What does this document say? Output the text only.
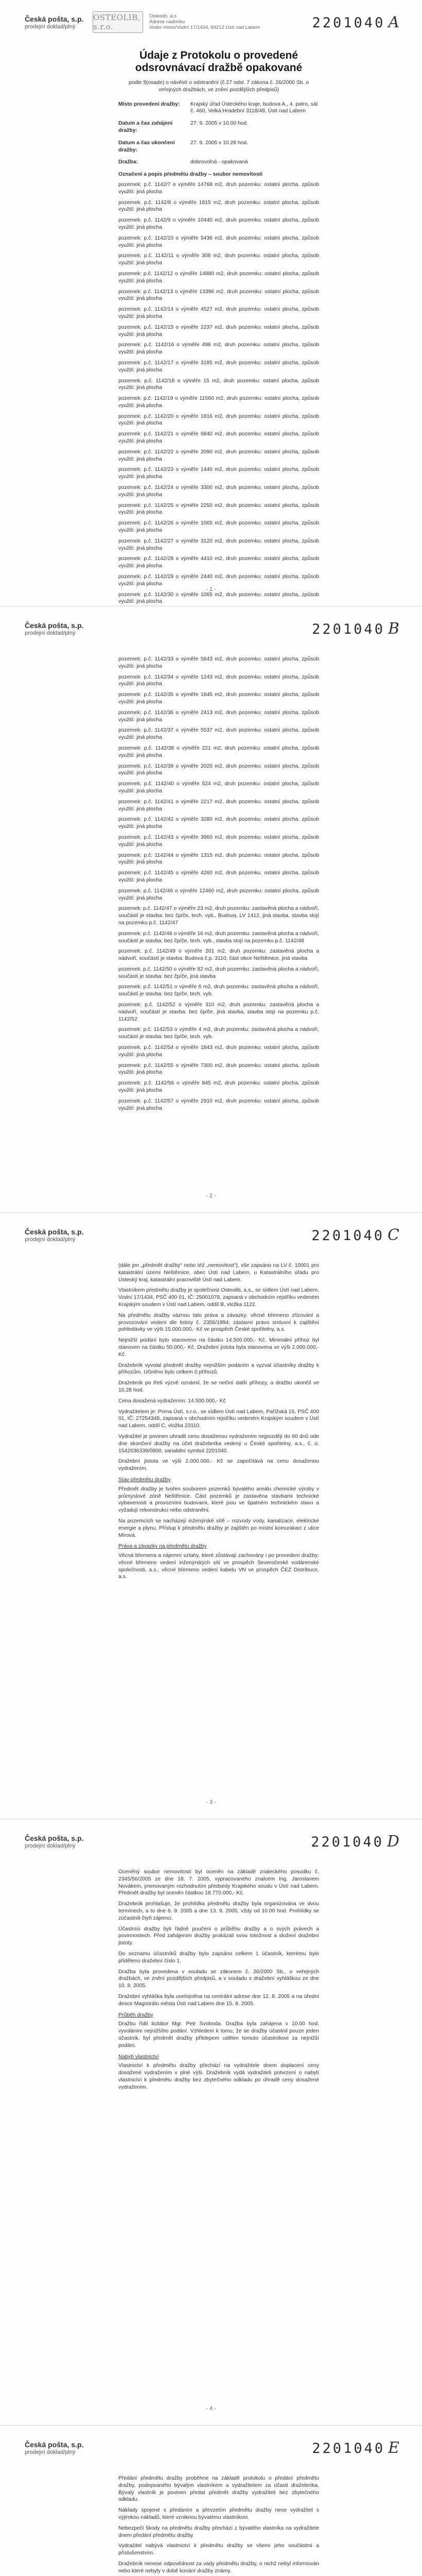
Česká pošta, s.p.
prodejní doklad/plný
OSTEOLIB, s.r.o.
Osteolib, a.s.
Adrese nadmíku
Vodní mimo/Vodní 17/1434, 69212 Ústí nad Labem	2201040 A
Údaje z Protokolu o provedené
odsrovnávací dražbě opakované
podle §(osade) o návěstí o odstranění (č.27 odst. 7 zákona č. 26/2000 Sb. o veřejných dražbách, ve znění pozdějších předpisů)
Místo provedení dražby:	Krajský úřad Ústeckého kraje, budova A., 4. patro, sál č. 460, Velká Hradební 3118/48, Ústí nad Labem
Datum a čas zahájení dražby:
27. 9. 2005 v 10.00 hod.
Datum a čas ukončení dražby:
27. 9. 2005 v 10.28 hod.
Dražba:	dobrovolná - opakovaná
Označení a popis předmětu dražby – soubor nemovitostí

pozemek: p.č. 1142/7 o výměře 14768 m2, druh pozemku: ostatní plocha, způsob využití: jiná plocha

pozemek: p.č. 1142/8 o výměře 1815 m2, druh pozemku: ostatní plocha, způsob využití: jiná plocha

pozemek: p.č. 1142/9 o výměře 10440 m2, druh pozemku: ostatní plocha, způsob využití: jiná plocha

pozemek: p.č. 1142/10 o výměře 5436 m2, druh pozemku: ostatní plocha, způsob využití: jiná plocha

pozemek: p.č. 1142/11 o výměře 308 m2, druh pozemku: ostatní plocha, způsob využití: jiná plocha

pozemek: p.č. 1142/12 o výměře 14880 m2, druh pozemku: ostatní plocha, způsob využití: jiná plocha

pozemek: p.č. 1142/13 o výměře 13396 m2, druh pozemku: ostatní plocha, způsob využití: jiná plocha

pozemek: p.č. 1142/14 o výměře 4527 m2, druh pozemku: ostatní plocha, způsob využití: jiná plocha

pozemek: p.č. 1142/15 o výměře 2237 m2, druh pozemku: ostatní plocha, způsob využití: jiná plocha

pozemek: p.č. 1142/16 o výměře 498 m2, druh pozemku: ostatní plocha, způsob využití: jiná plocha

pozemek: p.č. 1142/17 o výměře 3185 m2, druh pozemku: ostatní plocha, způsob využití: jiná plocha

pozemek: p.č. 1142/18 o výměře 15 m2, druh pozemku: ostatní plocha, způsob využití: jiná plocha

pozemek: p.č. 1142/19 o výměře 11560 m2, druh pozemku: ostatní plocha, způsob využití: jiná plocha

pozemek: p.č. 1142/20 o výměře 1816 m2, druh pozemku: ostatní plocha, způsob využití: jiná plocha

pozemek: p.č. 1142/21 o výměře 6840 m2, druh pozemku: ostatní plocha, způsob využití: jiná plocha

pozemek: p.č. 1142/22 o výměře 2090 m2, druh pozemku: ostatní plocha, způsob využití: jiná plocha

pozemek: p.č. 1142/23 o výměře 1440 m2, druh pozemku: ostatní plocha, způsob využití: jiná plocha

pozemek: p.č. 1142/24 o výměře 3300 m2, druh pozemku: ostatní plocha, způsob využití: jiná plocha

pozemek: p.č. 1142/25 o výměře 2250 m2, druh pozemku: ostatní plocha, způsob využití: jiná plocha

pozemek: p.č. 1142/26 o výměře 1065 m2, druh pozemku: ostatní plocha, způsob využití: jiná plocha

pozemek: p.č. 1142/27 o výměře 3120 m2, druh pozemku: ostatní plocha, způsob využití: jiná plocha

pozemek: p.č. 1142/28 o výměře 4410 m2, druh pozemku: ostatní plocha, způsob využití: jiná plocha

pozemek: p.č. 1142/29 o výměře 2440 m2, druh pozemku: ostatní plocha, způsob využití: jiná plocha

pozemek: p.č. 1142/30 o výměře 1065 m2, druh pozemku: ostatní plocha, způsob využití: jiná plocha

- 1 -
Česká pošta, s.p.
prodejní doklad/plný	2201040 B

pozemek: p.č. 1142/33 o výměře 5843 m2, druh pozemku: ostatní plocha, způsob využití: jiná plocha

pozemek: p.č. 1142/34 o výměře 1243 m2, druh pozemku: ostatní plocha, způsob využití: jiná plocha

pozemek: p.č. 1142/35 o výměře 1845 m2, druh pozemku: ostatní plocha, způsob využití: jiná plocha

pozemek: p.č. 1142/36 o výměře 2413 m2, druh pozemku: ostatní plocha, způsob využití: jiná plocha

pozemek: p.č. 1142/37 o výměře 5537 m2, druh pozemku: ostatní plocha, způsob využití: jiná plocha

pozemek: p.č. 1142/38 o výměře 221 m2, druh pozemku: ostatní plocha, způsob využití: jiná plocha

pozemek: p.č. 1142/39 o výměře 2020 m2, druh pozemku: ostatní plocha, způsob využití: jiná plocha

pozemek: p.č. 1142/40 o výměře 524 m2, druh pozemku: ostatní plocha, způsob využití: jiná plocha

pozemek: p.č. 1142/41 o výměře 2217 m2, druh pozemku: ostatní plocha, způsob využití: jiná plocha

pozemek: p.č. 1142/42 o výměře 3280 m2, druh pozemku: ostatní plocha, způsob využití: jiná plocha

pozemek: p.č. 1142/43 o výměře 3960 m2, druh pozemku: ostatní plocha, způsob využití: jiná plocha

pozemek: p.č. 1142/44 o výměře 1315 m2, druh pozemku: ostatní plocha, způsob využití: jiná plocha

pozemek: p.č. 1142/45 o výměře 4260 m2, druh pozemku: ostatní plocha, způsob využití: jiná plocha

pozemek: p.č. 1142/46 o výměře 12460 m2, druh pozemku: ostatní plocha, způsob využití: jiná plocha

pozemek: p.č. 1142/47 o výměře 23 m2, druh pozemku: zastavěná plocha a nádvoří, součástí je stavba: bez čp/če, tech. vyb., Budova, LV 1412, jiná stavba, stavba stojí na pozemku p.č. 1142/47

pozemek: p.č. 1142/48 o výměře 16 m2, druh pozemku: zastavěná plocha a nádvoří, součástí je stavba: bez čp/če, tech. vyb., stavba stojí na pozemku p.č. 1142/48

pozemek: p.č. 1142/49 o výměře 201 m2, druh pozemku: zastavěná plocha a nádvoří, součástí je stavba: Budova č.p. 3110, část obce Neštěmice, jiná stavba

pozemek: p.č. 1142/50 o výměře 82 m2, druh pozemku: zastavěná plocha a nádvoří, součástí je stavba: bez čp/če, jiná stavba

pozemek: p.č. 1142/51 o výměře 6 m2, druh pozemku: zastavěná plocha a nádvoří, součástí je stavba: bez čp/če, tech. vyb.

pozemek: p.č. 1142/52 o výměře 310 m2, druh pozemku: zastavěná plocha a nádvoří, součástí je stavba: bez čp/če, jiná stavba, stavba stojí na pozemku p.č. 1142/52

pozemek: p.č. 1142/53 o výměře 4 m2, druh pozemku: zastavěná plocha a nádvoří, součástí je stavba: bez čp/če, tech. vyb.

pozemek: p.č. 1142/54 o výměře 1843 m2, druh pozemku: ostatní plocha, způsob využití: jiná plocha

pozemek: p.č. 1142/55 o výměře 7300 m2, druh pozemku: ostatní plocha, způsob využití: jiná plocha

pozemek: p.č. 1142/56 o výměře 845 m2, druh pozemku: ostatní plocha, způsob využití: jiná plocha

pozemek: p.č. 1142/57 o výměře 2910 m2, druh pozemku: ostatní plocha, způsob využití: jiná plocha

- 2 -
Česká pošta, s.p.
prodejní doklad/plný	2201040 C

(dále jen „předmět dražby“ nebo též „nemovitost“), vše zapsáno na LV č. 10001 pro katastrální území Neštěmice, obec Ústí nad Labem, u Katastrálního úřadu pro Ústecký kraj, katastrální pracoviště Ústí nad Labem.

Vlastníkem předmětu dražby je společnost Osteolib, a.s., se sídlem Ústí nad Labem, Vodní 17/1434, PSČ 400 01, IČ: 25001078, zapsaná v obchodním rejstříku vedeném Krajským soudem v Ústí nad Labem, oddíl B, vložka 1122.

Na předmětu dražby váznou tato práva a závazky: věcné břemeno zřizování a provozování vedení dle listiny č. 2356/1994; zástavní právo smluvní k zajištění pohledávky ve výši 15.000.000,- Kč ve prospěch České spořitelny, a.s.

Nejnižší podání bylo stanoveno na částku 14.500.000,- Kč. Minimální příhoz byl stanoven na částku 50.000,- Kč. Dražební jistota byla stanovena ve výši 2.000.000,- Kč.

Dražebník vyvolal předmět dražby nejnižším podáním a vyzval účastníky dražby k příhozům. Učiněno bylo celkem 0 příhozů.

Dražebník po třetí výzvě oznámil, že se nečiní další příhozy, a dražbu ukončil ve 10.28 hod.

Cena dosažená vydražením: 14.500.000,- Kč

Vydražitelem je: Prima Ústí, s.r.o., se sídlem Ústí nad Labem, Pařížská 15, PSČ 400 01, IČ: 27254348, zapsaná v obchodním rejstříku vedeném Krajským soudem v Ústí nad Labem, oddíl C, vložka 23110.

Vydražitel je povinen uhradit cenu dosaženou vydražením nejpozději do 60 dnů ode dne skončení dražby na účet dražebníka vedený u České spořitelny, a.s., č. ú. 1542036339/0800, variabilní symbol 2201040.

Dražební jistota ve výši 2.000.000,- Kč se započítává na cenu dosaženou vydražením.

Stav předmětu dražby

Předmět dražby je tvořen souborem pozemků bývalého areálu chemické výroby v průmyslové zóně Neštěmice. Část pozemků je zastavěna stavbami technické vybavenosti a provozními budovami, které jsou ve špatném technickém stavu a vyžadují rekonstrukci nebo odstranění.

Na pozemcích se nacházejí inženýrské sítě – rozvody vody, kanalizace, elektrické energie a plynu. Přístup k předmětu dražby je zajištěn po místní komunikaci z ulice Mírová.

Práva a závazky na předmětu dražby

Věcná břemena a nájemní vztahy, které zůstávají zachovány i po provedení dražby: věcné břemeno vedení inženýrských sítí ve prospěch Severočeské vodárenské společnosti, a.s.; věcné břemeno vedení kabelu VN ve prospěch ČEZ Distribuce, a.s.

- 3 -
Česká pošta, s.p.
prodejní doklad/plný	2201040 D

Oceněný soubor nemovitostí byl oceněn na základě znaleckého posudku č. 2345/56/2005 ze dne 18. 7. 2005, vypracovaného znalcem Ing. Jaroslavem Novákem, jmenovaným rozhodnutím předsedy Krajského soudu v Ústí nad Labem. Předmět dražby byl oceněn částkou 18.770.000,- Kč.

Dražebník prohlašuje, že prohlídka předmětu dražby byla organizována ve dvou termínech, a to dne 6. 9. 2005 a dne 13. 9. 2005, vždy od 10.00 hod. Prohlídky se zúčastnili čtyři zájemci.

Účastníci dražby byli řádně poučeni o průběhu dražby a o svých právech a povinnostech. Před zahájením dražby prokázali svou totožnost a složení dražební jistoty.

Do seznamu účastníků dražby bylo zapsáno celkem 1 účastník, kterému bylo přiděleno dražební číslo 1.

Dražba byla provedena v souladu se zákonem č. 26/2000 Sb., o veřejných dražbách, ve znění pozdějších předpisů, a v souladu s dražební vyhláškou ze dne 10. 8. 2005.

Dražební vyhláška byla uveřejněna na centrální adrese dne 12. 8. 2005 a na úřední desce Magistrátu města Ústí nad Labem dne 15. 8. 2005.

Průběh dražby

Dražbu řídil licitátor Mgr. Petr Svoboda. Dražba byla zahájena v 10.00 hod. vyvoláním nejnižšího podání. Vzhledem k tomu, že se dražby účastnil pouze jeden účastník, byl předmět dražby příklepem udělen tomuto účastníkovi za nejnižší podání.

Nabytí vlastnictví

Vlastnictví k předmětu dražby přechází na vydražitele dnem doplacení ceny dosažené vydražením v plné výši. Dražebník vydá vydražiteli potvrzení o nabytí vlastnictví k předmětu dražby bez zbytečného odkladu po úhradě ceny dosažené vydražením.

- 4 -
Česká pošta, s.p.
prodejní doklad/plný	2201040 E

Předání předmětu dražby proběhne na základě protokolu o předání předmětu dražby, podepsaného bývalým vlastníkem a vydražitelem za účasti dražebníka. Bývalý vlastník je povinen předat předmět dražby vydražiteli bez zbytečného odkladu.

Náklady spojené s předáním a převzetím předmětu dražby nese vydražitel s výjimkou nákladů, které vzniknou bývalému vlastníkovi.

Nebezpečí škody na předmětu dražby přechází z bývalého vlastníka na vydražitele dnem předání předmětu dražby.

Vydražitel nabývá vlastnictví k předmětu dražby se všemi jeho součástmi a příslušenstvím.

Dražebník nenese odpovědnost za vady předmětu dražby, o nichž nebyl informován nebo které nebyly v době konání dražby známy.
